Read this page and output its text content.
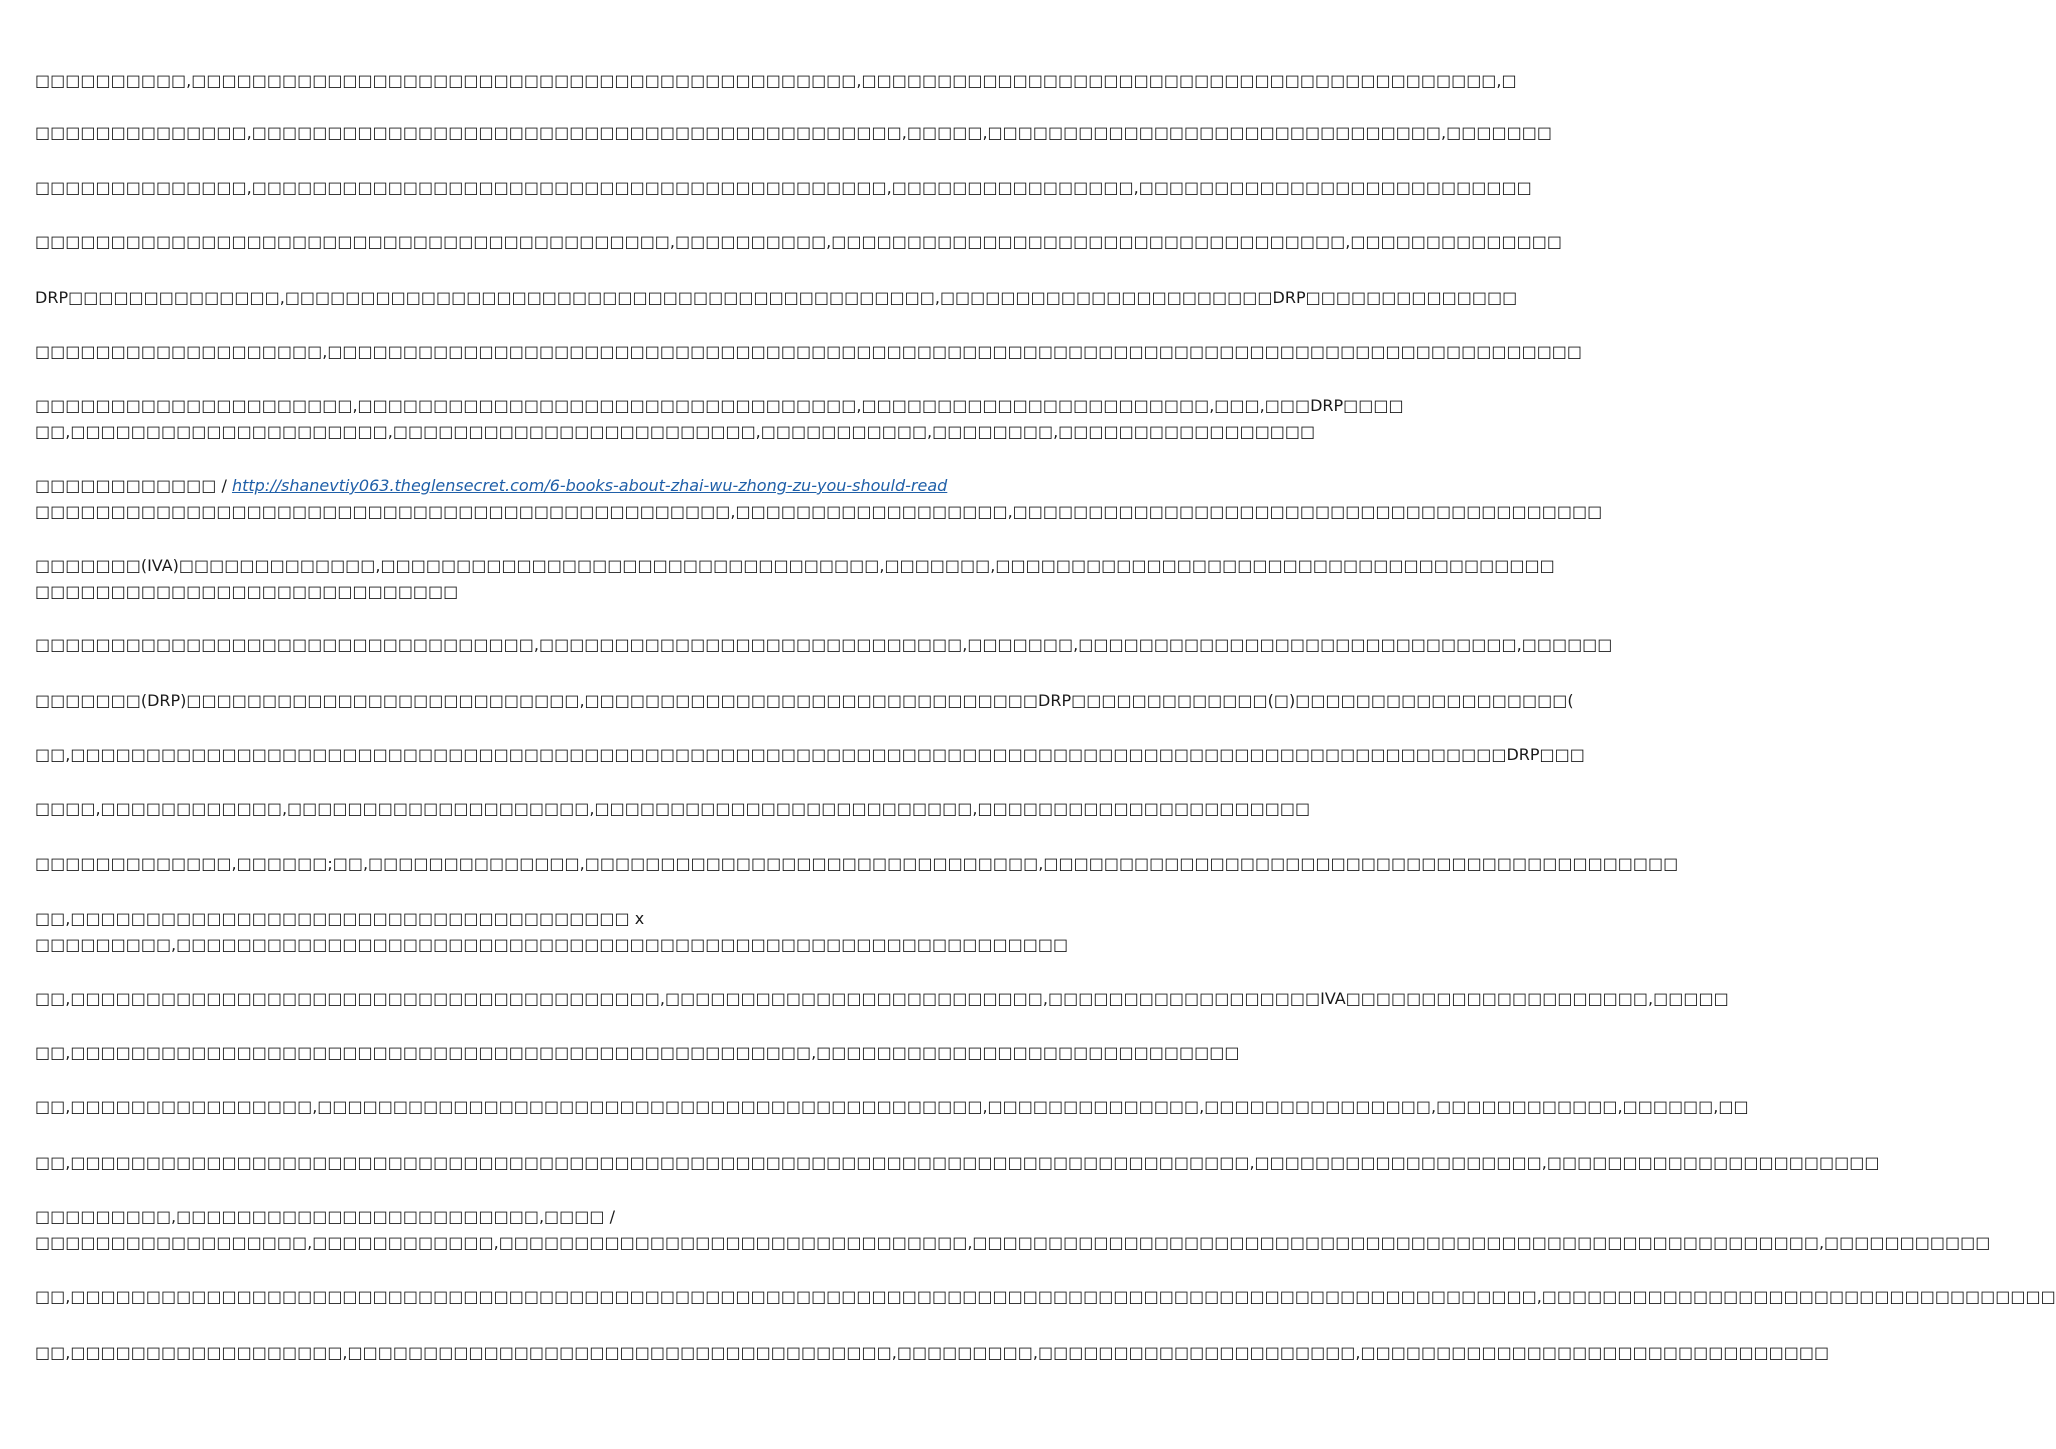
□□□□□□□□□□,□□□□□□□□□□□□□□□□□□□□□□□□□□□□□□□□□□□□□□□□□□□□,□□□□□□□□□□□□□□□□□□□□□□□□□□□□□□□□□□□□□□□□□□,□
□□□□□□□□□□□□□□,□□□□□□□□□□□□□□□□□□□□□□□□□□□□□□□□□□□□□□□□□□□,□□□□□,□□□□□□□□□□□□□□□□□□□□□□□□□□□□□□,□□□□□□□
□□□□□□□□□□□□□□,□□□□□□□□□□□□□□□□□□□□□□□□□□□□□□□□□□□□□□□□□□,□□□□□□□□□□□□□□□□,□□□□□□□□□□□□□□□□□□□□□□□□□□
□□□□□□□□□□□□□□□□□□□□□□□□□□□□□□□□□□□□□□□□□□,□□□□□□□□□□,□□□□□□□□□□□□□□□□□□□□□□□□□□□□□□□□□□,□□□□□□□□□□□□□□
DRP□□□□□□□□□□□□□□,□□□□□□□□□□□□□□□□□□□□□□□□□□□□□□□□□□□□□□□□□□□,□□□□□□□□□□□□□□□□□□□□□□DRP□□□□□□□□□□□□□□
□□□□□□□□□□□□□□□□□□□,□□□□□□□□□□□□□□□□□□□□□□□□□□□□□□□□□□□□□□□□□□□□□□□□□□□□□□□□□□□□□□□□□□□□□□□□□□□□□□□□□□□
□□□□□□□□□□□□□□□□□□□□□,□□□□□□□□□□□□□□□□□□□□□□□□□□□□□□□□□,□□□□□□□□□□□□□□□□□□□□□□□,□□□,□□□DRP□□□□
□□,□□□□□□□□□□□□□□□□□□□□□,□□□□□□□□□□□□□□□□□□□□□□□□,□□□□□□□□□□□,□□□□□□□□,□□□□□□□□□□□□□□□□□
□□□□□□□□□□□□ / http://shanevtiy063.theglensecret.com/6-books-about-zhai-wu-zhong-zu-you-should-read
□□□□□□□□□□□□□□□□□□□□□□□□□□□□□□□□□□□□□□□□□□□□□□,□□□□□□□□□□□□□□□□□□,□□□□□□□□□□□□□□□□□□□□□□□□□□□□□□□□□□□□□□□
□□□□□□□(IVA)□□□□□□□□□□□□□,□□□□□□□□□□□□□□□□□□□□□□□□□□□□□□□□□,□□□□□□□,□□□□□□□□□□□□□□□□□□□□□□□□□□□□□□□□□□□□□
□□□□□□□□□□□□□□□□□□□□□□□□□□□□
□□□□□□□□□□□□□□□□□□□□□□□□□□□□□□□□□,□□□□□□□□□□□□□□□□□□□□□□□□□□□□,□□□□□□□,□□□□□□□□□□□□□□□□□□□□□□□□□□□□□,□□□□□□
□□□□□□□(DRP)□□□□□□□□□□□□□□□□□□□□□□□□□□,□□□□□□□□□□□□□□□□□□□□□□□□□□□□□□DRP□□□□□□□□□□□□□(□)□□□□□□□□□□□□□□□□□□(
□□,□□□□□□□□□□□□□□□□□□□□□□□□□□□□□□□□□□□□□□□□□□□□□□□□□□□□□□□□□□□□□□□□□□□□□□□□□□□□□□□□□□□□□□□□□□□□□□□DRP□□□
□□□□,□□□□□□□□□□□□,□□□□□□□□□□□□□□□□□□□□,□□□□□□□□□□□□□□□□□□□□□□□□□,□□□□□□□□□□□□□□□□□□□□□□
□□□□□□□□□□□□□,□□□□□□;□□,□□□□□□□□□□□□□□,□□□□□□□□□□□□□□□□□□□□□□□□□□□□□□,□□□□□□□□□□□□□□□□□□□□□□□□□□□□□□□□□□□□□□□□□□
□□,□□□□□□□□□□□□□□□□□□□□□□□□□□□□□□□□□□□□□ x
□□□□□□□□□,□□□□□□□□□□□□□□□□□□□□□□□□□□□□□□□□□□□□□□□□□□□□□□□□□□□□□□□□□□□
□□,□□□□□□□□□□□□□□□□□□□□□□□□□□□□□□□□□□□□□□□,□□□□□□□□□□□□□□□□□□□□□□□□□,□□□□□□□□□□□□□□□□□□IVA□□□□□□□□□□□□□□□□□□□□,□□□□□
□□,□□□□□□□□□□□□□□□□□□□□□□□□□□□□□□□□□□□□□□□□□□□□□□□□□,□□□□□□□□□□□□□□□□□□□□□□□□□□□□
□□,□□□□□□□□□□□□□□□□,□□□□□□□□□□□□□□□□□□□□□□□□□□□□□□□□□□□□□□□□□□□□,□□□□□□□□□□□□□□,□□□□□□□□□□□□□□□,□□□□□□□□□□□□,□□□□□□,□□
□□,□□□□□□□□□□□□□□□□□□□□□□□□□□□□□□□□□□□□□□□□□□□□□□□□□□□□□□□□□□□□□□□□□□□□□□□□□□□□□□,□□□□□□□□□□□□□□□□□□□,□□□□□□□□□□□□□□□□□□□□□□
□□□□□□□□□,□□□□□□□□□□□□□□□□□□□□□□□□,□□□□ /
□□□□□□□□□□□□□□□□□□,□□□□□□□□□□□□,□□□□□□□□□□□□□□□□□□□□□□□□□□□□□□□,□□□□□□□□□□□□□□□□□□□□□□□□□□□□□□□□□□□□□□□□□□□□□□□□□□□□□□□□,□□□□□□□□□□□
□□,□□□□□□□□□□□□□□□□□□□□□□□□□□□□□□□□□□□□□□□□□□□□□□□□□□□□□□□□□□□□□□□□□□□□□□□□□□□□□□□□□□□□□□□□□□□□□□□□□,□□□□□□□□□□□□□□□□□□□□□□□□□□□□□□□□□□
□□,□□□□□□□□□□□□□□□□□□,□□□□□□□□□□□□□□□□□□□□□□□□□□□□□□□□□□□□,□□□□□□□□□,□□□□□□□□□□□□□□□□□□□□□,□□□□□□□□□□□□□□□□□□□□□□□□□□□□□□□
